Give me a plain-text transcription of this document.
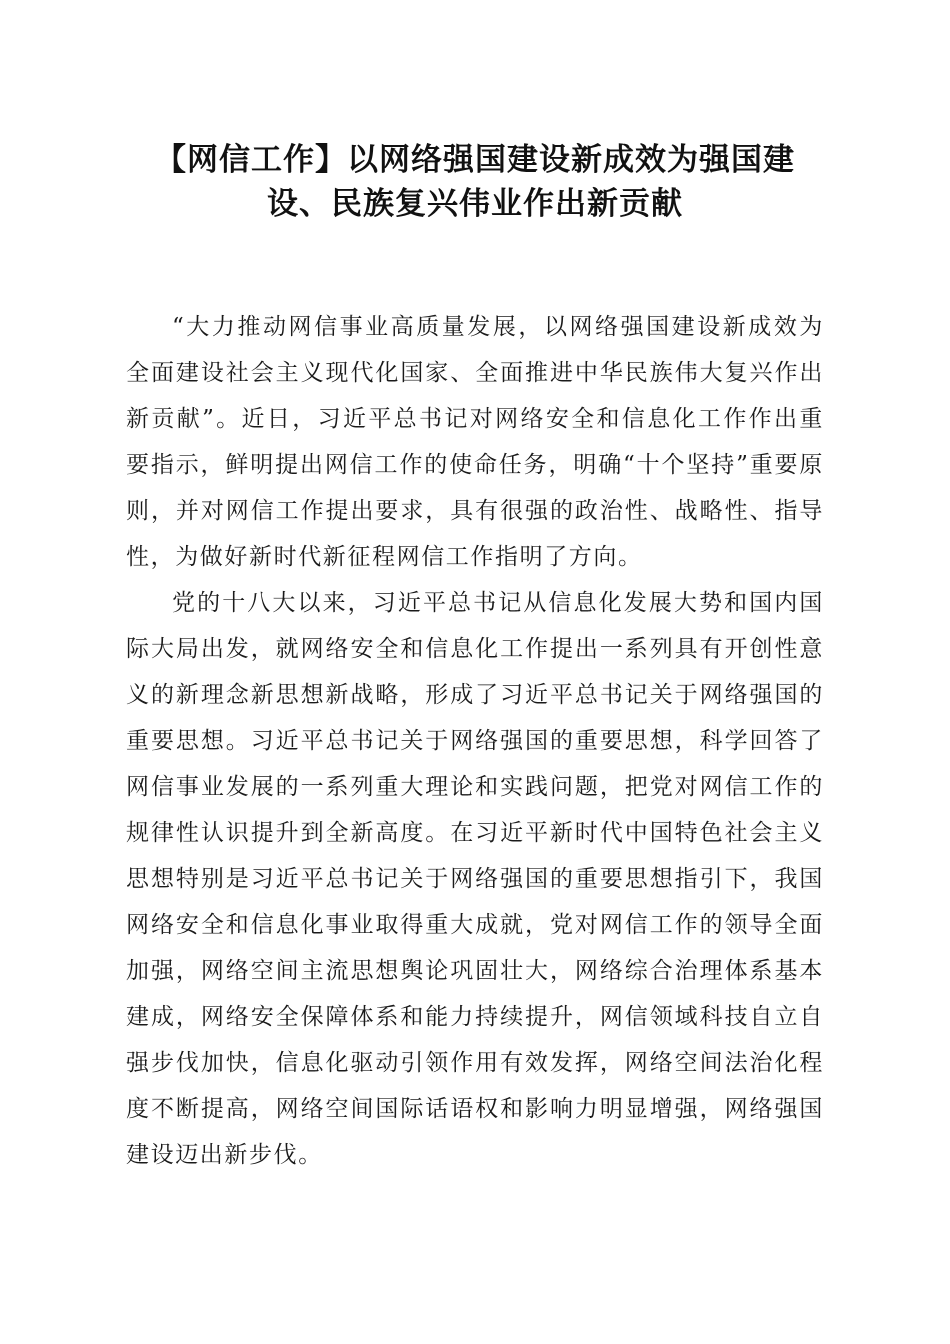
【网信工作】以网络强国建设新成效为强国建设、民族复兴伟业作出新贡献

“大力推动网信事业高质量发展，以网络强国建设新成效为全面建设社会主义现代化国家、全面推进中华民族伟大复兴作出新贡献”。近日，习近平总书记对网络安全和信息化工作作出重要指示，鲜明提出网信工作的使命任务，明确“十个坚持”重要原则，并对网信工作提出要求，具有很强的政治性、战略性、指导性，为做好新时代新征程网信工作指明了方向。

党的十八大以来，习近平总书记从信息化发展大势和国内国际大局出发，就网络安全和信息化工作提出一系列具有开创性意义的新理念新思想新战略，形成了习近平总书记关于网络强国的重要思想。习近平总书记关于网络强国的重要思想，科学回答了网信事业发展的一系列重大理论和实践问题，把党对网信工作的规律性认识提升到全新高度。在习近平新时代中国特色社会主义思想特别是习近平总书记关于网络强国的重要思想指引下，我国网络安全和信息化事业取得重大成就，党对网信工作的领导全面加强，网络空间主流思想舆论巩固壮大，网络综合治理体系基本建成，网络安全保障体系和能力持续提升，网信领域科技自立自强步伐加快，信息化驱动引领作用有效发挥，网络空间法治化程度不断提高，网络空间国际话语权和影响力明显增强，网络强国建设迈出新步伐。
